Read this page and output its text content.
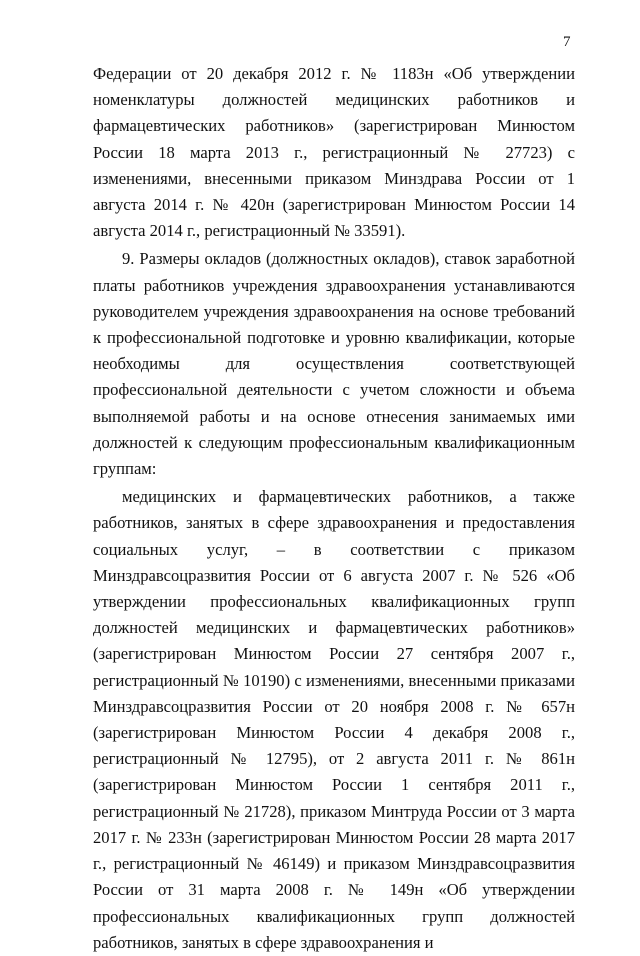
7

Федерации от 20 декабря 2012 г. № 1183н «Об утверждении номенклатуры должностей медицинских работников и фармацевтических работников» (зарегистрирован Минюстом России 18 марта 2013 г., регистрационный № 27723) с изменениями, внесенными приказом Минздрава России от 1 августа 2014 г. № 420н (зарегистрирован Минюстом России 14 августа 2014 г., регистрационный № 33591).

9. Размеры окладов (должностных окладов), ставок заработной платы работников учреждения здравоохранения устанавливаются руководителем учреждения здравоохранения на основе требований к профессиональной подготовке и уровню квалификации, которые необходимы для осуществления соответствующей профессиональной деятельности с учетом сложности и объема выполняемой работы и на основе отнесения занимаемых ими должностей к следующим профессиональным квалификационным группам:

медицинских и фармацевтических работников, а также работников, занятых в сфере здравоохранения и предоставления социальных услуг, – в соответствии с приказом Минздравсоцразвития России от 6 августа 2007 г. № 526 «Об утверждении профессиональных квалификационных групп должностей медицинских и фармацевтических работников» (зарегистрирован Минюстом России 27 сентября 2007 г., регистрационный № 10190) с изменениями, внесенными приказами Минздравсоцразвития России от 20 ноября 2008 г. № 657н (зарегистрирован Минюстом России 4 декабря 2008 г., регистрационный № 12795), от 2 августа 2011 г. № 861н (зарегистрирован Минюстом России 1 сентября 2011 г., регистрационный № 21728), приказом Минтруда России от 3 марта 2017 г. № 233н (зарегистрирован Минюстом России 28 марта 2017 г., регистрационный № 46149) и приказом Минздравсоцразвития России от 31 марта 2008 г. № 149н «Об утверждении профессиональных квалификационных групп должностей работников, занятых в сфере здравоохранения и
